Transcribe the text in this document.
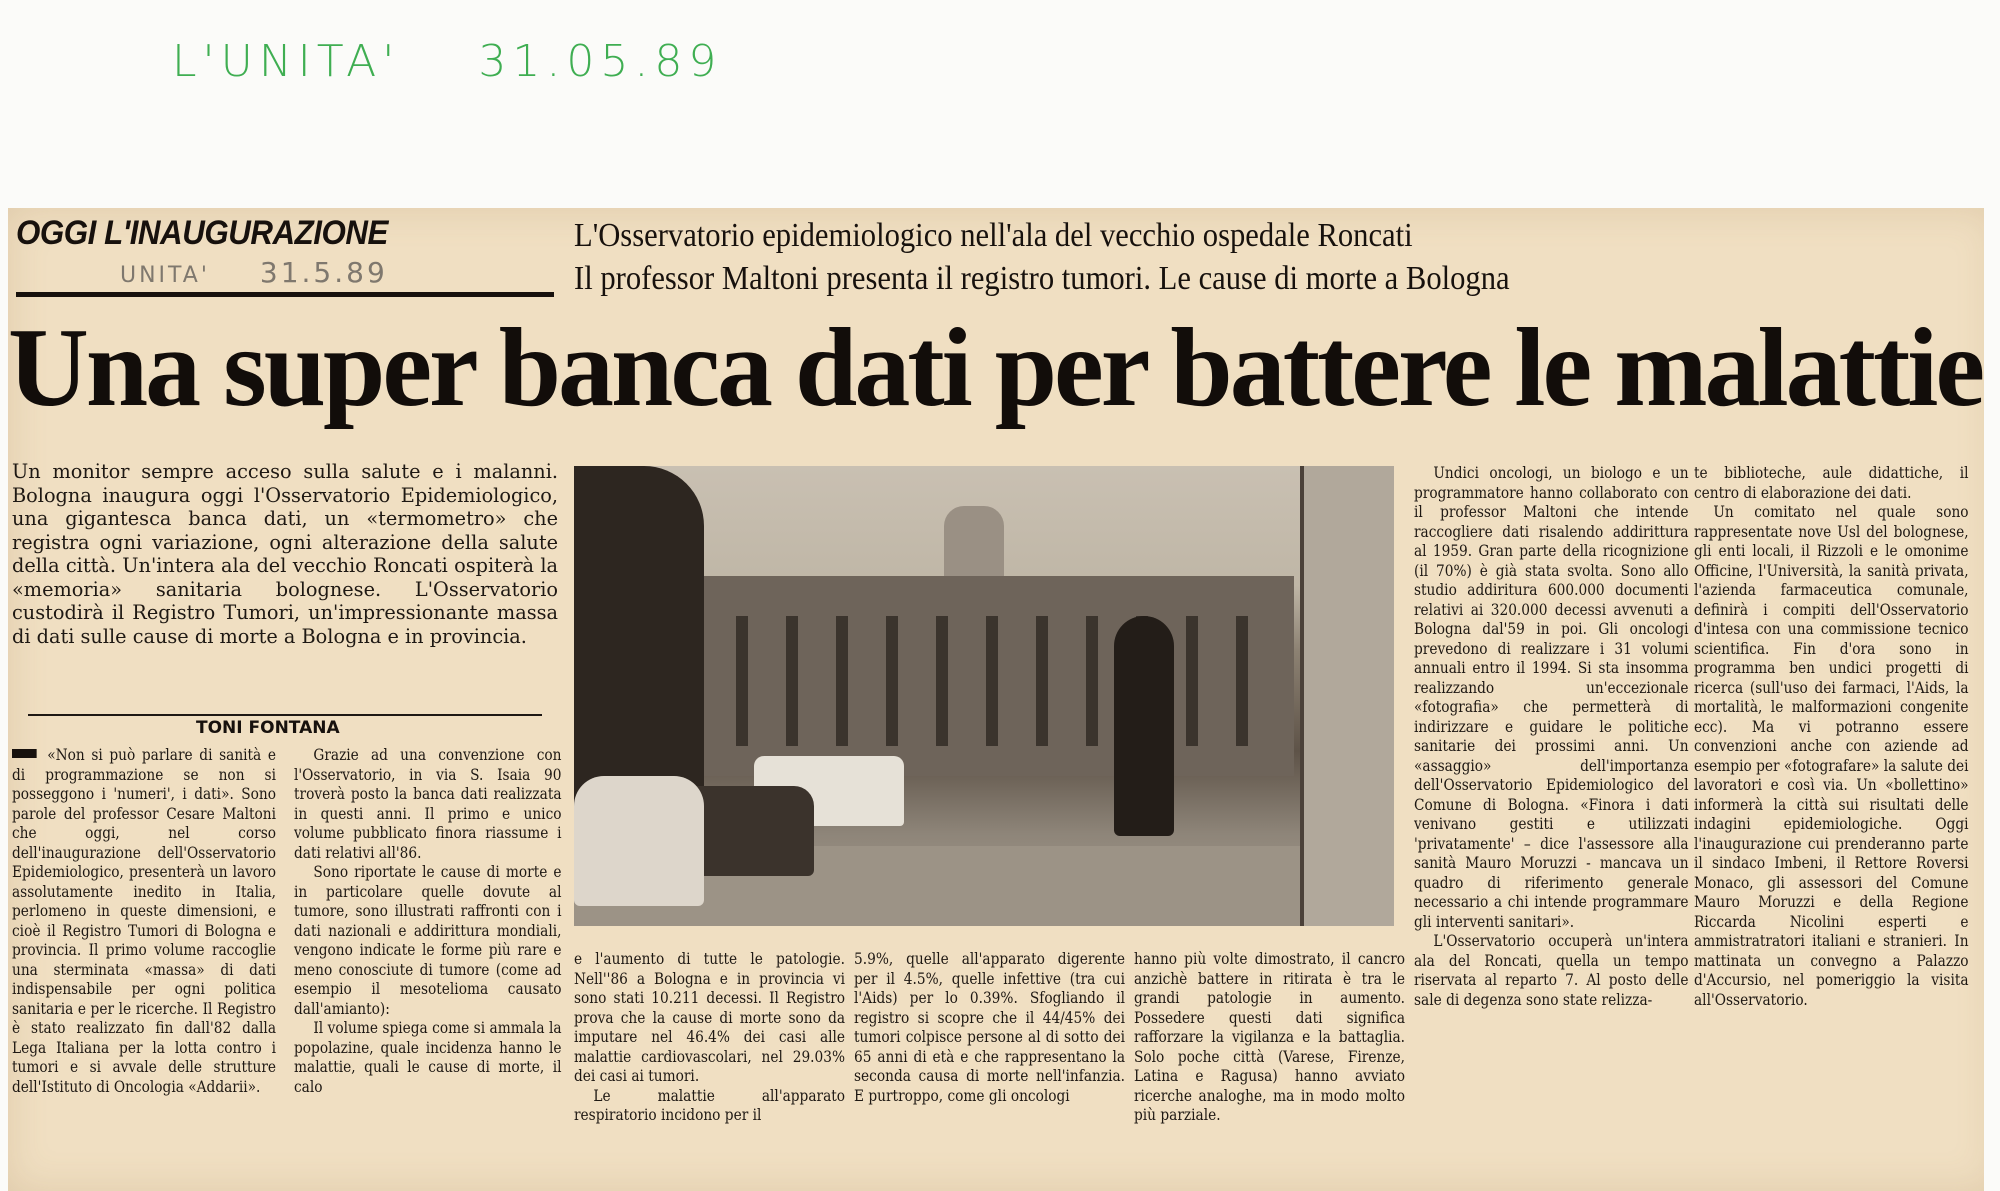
L'UNITA' 31.05.89
OGGI L'INAUGURAZIONE
UNITA' 31.5.89
L'Osservatorio epidemiologico nell'ala del vecchio ospedale Roncati
Il professor Maltoni presenta il registro tumori. Le cause di morte a Bologna
Una super banca dati per battere le malattie
Un monitor sempre acceso sulla salute e i malanni. Bologna inaugura oggi l'Osservatorio Epidemiologico, una gigantesca banca dati, un «termometro» che registra ogni variazione, ogni alterazione della salute della città. Un'intera ala del vecchio Roncati ospiterà la «memoria» sanitaria bolognese. L'Osservatorio custodirà il Registro Tumori, un'impressionante massa di dati sulle cause di morte a Bologna e in provincia.
TONI FONTANA

«Non si può parlare di sanità e di programmazione se non si posseggono i 'numeri', i dati». Sono parole del professor Cesare Maltoni che oggi, nel corso dell'inaugurazione dell'Osservatorio Epidemiologico, presenterà un lavoro assolutamente inedito in Italia, perlomeno in queste dimensioni, e cioè il Registro Tumori di Bologna e provincia. Il primo volume raccoglie una sterminata «massa» di dati indispensabile per ogni politica sanitaria e per le ricerche. Il Registro è stato realizzato fin dall'82 dalla Lega Italiana per la lotta contro i tumori e si avvale delle strutture dell'Istituto di Oncologia «Addarii».

Grazie ad una convenzione con l'Osservatorio, in via S. Isaia 90 troverà posto la banca dati realizzata in questi anni. Il primo e unico volume pubblicato finora riassume i dati relativi all'86.

Sono riportate le cause di morte e in particolare quelle dovute al tumore, sono illustrati raffronti con i dati nazionali e addirittura mondiali, vengono indicate le forme più rare e meno conosciute di tumore (come ad esempio il mesotelioma causato dall'amianto):

Il volume spiega come si ammala la popolazine, quale incidenza hanno le malattie, quali le cause di morte, il calo

e l'aumento di tutte le patologie. Nell''86 a Bologna e in provincia vi sono stati 10.211 decessi. Il Registro prova che la cause di morte sono da imputare nel 46.4% dei casi alle malattie cardiovascolari, nel 29.03% dei casi ai tumori.

Le malattie all'apparato respiratorio incidono per il

5.9%, quelle all'apparato digerente per il 4.5%, quelle infettive (tra cui l'Aids) per lo 0.39%. Sfogliando il registro si scopre che il 44/45% dei tumori colpisce persone al di sotto dei 65 anni di età e che rappresentano la seconda causa di morte nell'infanzia. E purtroppo, come gli oncologi

hanno più volte dimostrato, il cancro anzichè battere in ritirata è tra le grandi patologie in aumento. Possedere questi dati significa rafforzare la vigilanza e la battaglia. Solo poche città (Varese, Firenze, Latina e Ragusa) hanno avviato ricerche analoghe, ma in modo molto più parziale.

Undici oncologi, un biologo e un programmatore hanno collaborato con il professor Maltoni che intende raccogliere dati risalendo addirittura al 1959. Gran parte della ricognizione (il 70%) è già stata svolta. Sono allo studio addiritura 600.000 documenti relativi ai 320.000 decessi avvenuti a Bologna dal'59 in poi. Gli oncologi prevedono di realizzare i 31 volumi annuali entro il 1994. Si sta insomma realizzando un'eccezionale «fotografia» che permetterà di indirizzare e guidare le politiche sanitarie dei prossimi anni. Un «assaggio» dell'importanza dell'Osservatorio Epidemiologico del Comune di Bologna. «Finora i dati venivano gestiti e utilizzati 'privatamente' – dice l'assessore alla sanità Mauro Moruzzi - mancava un quadro di riferimento generale necessario a chi intende programmare gli interventi sanitari».

L'Osservatorio occuperà un'intera ala del Roncati, quella un tempo riservata al reparto 7. Al posto delle sale di degenza sono state relizza-

te biblioteche, aule didattiche, il centro di elaborazione dei dati.

Un comitato nel quale sono rappresentate nove Usl del bolognese, gli enti locali, il Rizzoli e le omonime Officine, l'Università, la sanità privata, l'azienda farmaceutica comunale, definirà i compiti dell'Osservatorio d'intesa con una commissione tecnico scientifica. Fin d'ora sono in programma ben undici progetti di ricerca (sull'uso dei farmaci, l'Aids, la mortalità, le malformazioni congenite ecc). Ma vi potranno essere convenzioni anche con aziende ad esempio per «fotografare» la salute dei lavoratori e così via. Un «bollettino» informerà la città sui risultati delle indagini epidemiologiche. Oggi l'inaugurazione cui prenderanno parte il sindaco Imbeni, il Rettore Roversi Monaco, gli assessori del Comune Mauro Moruzzi e della Regione Riccarda Nicolini esperti e ammistratratori italiani e stranieri. In mattinata un convegno a Palazzo d'Accursio, nel pomeriggio la visita all'Osservatorio.
